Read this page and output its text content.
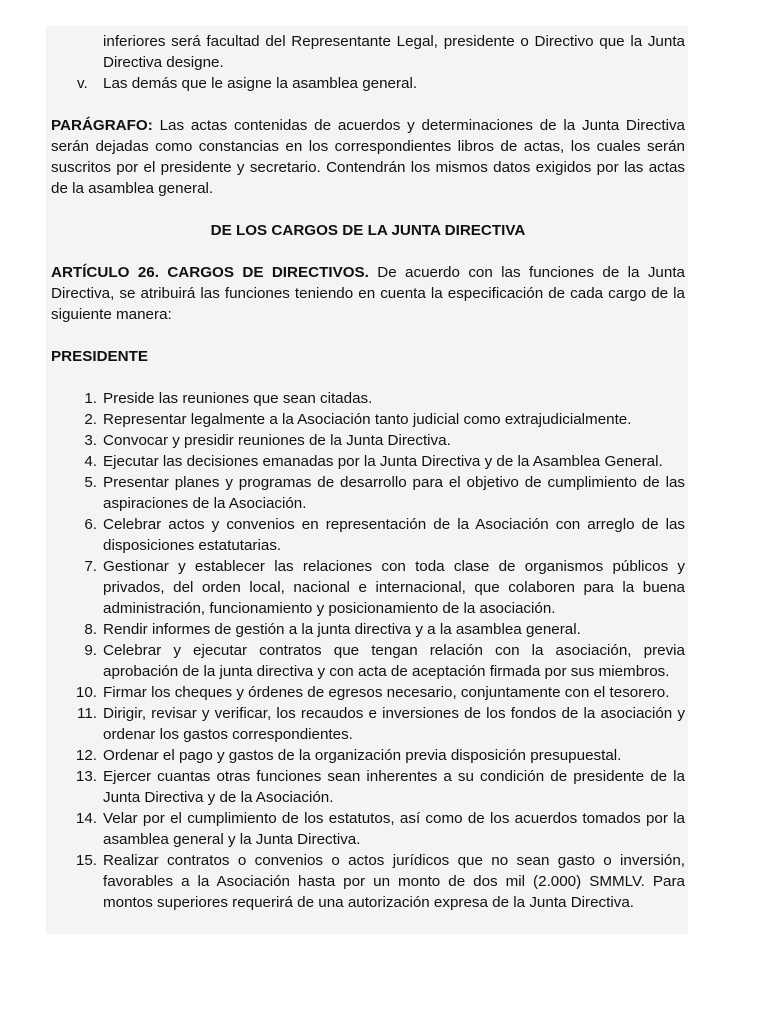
inferiores será facultad del Representante Legal, presidente o Directivo que la Junta Directiva designe.
v.	Las demás que le asigne la asamblea general.

PARÁGRAFO: Las actas contenidas de acuerdos y determinaciones de la Junta Directiva serán dejadas como constancias en los correspondientes libros de actas, los cuales serán suscritos por el presidente y secretario. Contendrán los mismos datos exigidos por las actas de la asamblea general.

DE LOS CARGOS DE LA JUNTA DIRECTIVA

ARTÍCULO 26. CARGOS DE DIRECTIVOS. De acuerdo con las funciones de la Junta Directiva, se atribuirá las funciones teniendo en cuenta la especificación de cada cargo de la siguiente manera:

PRESIDENTE

1. Preside las reuniones que sean citadas.
2. Representar legalmente a la Asociación tanto judicial como extrajudicialmente.
3. Convocar y presidir reuniones de la Junta Directiva.
4. Ejecutar las decisiones emanadas por la Junta Directiva y de la Asamblea General.
5. Presentar planes y programas de desarrollo para el objetivo de cumplimiento de las aspiraciones de la Asociación.
6. Celebrar actos y convenios en representación de la Asociación con arreglo de las disposiciones estatutarias.
7. Gestionar y establecer las relaciones con toda clase de organismos públicos y privados, del orden local, nacional e internacional, que colaboren para la buena administración, funcionamiento y posicionamiento de la asociación.
8. Rendir informes de gestión a la junta directiva y a la asamblea general.
9. Celebrar y ejecutar contratos que tengan relación con la asociación, previa aprobación de la junta directiva y con acta de aceptación firmada por sus miembros.
10. Firmar los cheques y órdenes de egresos necesario, conjuntamente con el tesorero.
11. Dirigir, revisar y verificar, los recaudos e inversiones de los fondos de la asociación y ordenar los gastos correspondientes.
12. Ordenar el pago y gastos de la organización previa disposición presupuestal.
13. Ejercer cuantas otras funciones sean inherentes a su condición de presidente de la Junta Directiva y de la Asociación.
14. Velar por el cumplimiento de los estatutos, así como de los acuerdos tomados por la asamblea general y la Junta Directiva.
15. Realizar contratos o convenios o actos jurídicos que no sean gasto o inversión, favorables a la Asociación hasta por un monto de dos mil (2.000) SMMLV. Para montos superiores requerirá de una autorización expresa de la Junta Directiva.
